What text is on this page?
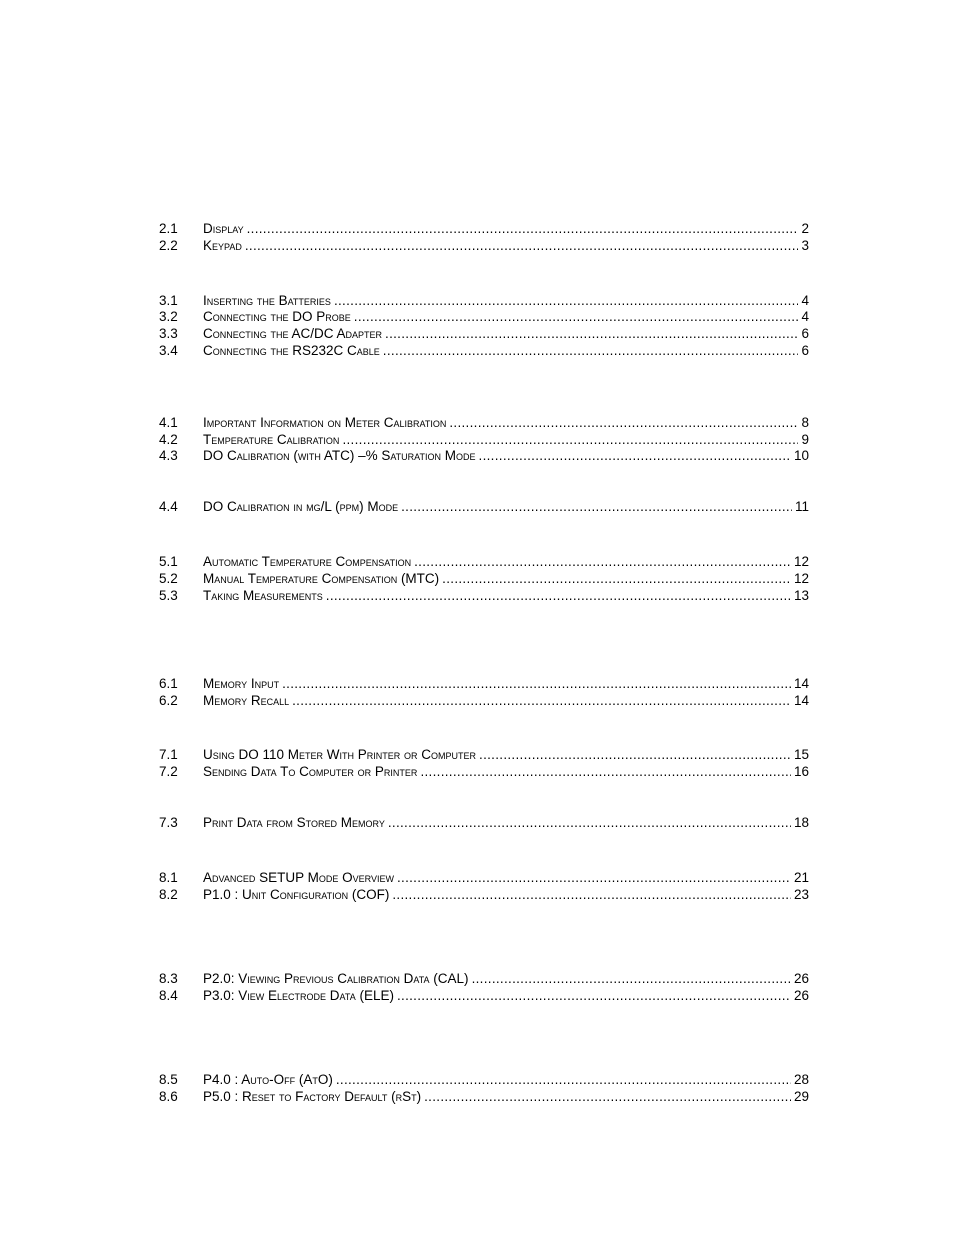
2.1	Display .....	2
2.2	Keypad .....	3
3.1	Inserting the Batteries .....	4
3.2	Connecting the DO Probe .....	4
3.3	Connecting the AC/DC Adapter .....	6
3.4	Connecting the RS232C Cable .....	6
4.1	Important Information on Meter Calibration .....	8
4.2	Temperature Calibration .....	9
4.3	DO Calibration (with ATC) –% Saturation Mode .....	10
4.4	DO Calibration in mg/L (ppm) Mode .....	11
5.1	Automatic Temperature Compensation .....	12
5.2	Manual Temperature Compensation (MTC) .....	12
5.3	Taking Measurements .....	13
6.1	Memory Input .....	14
6.2	Memory Recall .....	14
7.1	Using DO 110 Meter With Printer or Computer .....	15
7.2	Sending Data To Computer or Printer .....	16
7.3	Print Data from Stored Memory .....	18
8.1	Advanced SETUP Mode Overview .....	21
8.2	P1.0 : Unit Configuration (COF) .....	23
8.3	P2.0: Viewing Previous Calibration Data (CAL) .....	26
8.4	P3.0: View Electrode Data (ELE) .....	26
8.5	P4.0 : Auto-Off (AtO) .....	28
8.6	P5.0 : Reset to Factory Default (rSt) .....	29
